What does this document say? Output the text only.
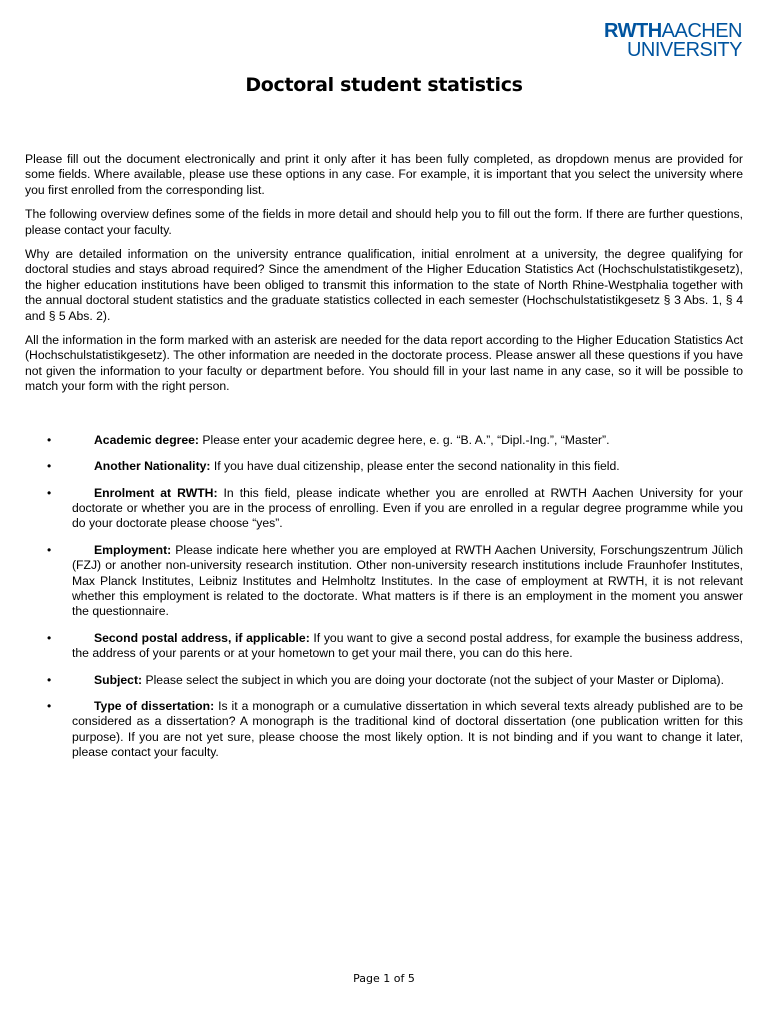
RWTHAACHEN
UNIVERSITY
Doctoral student statistics

Please fill out the document electronically and print it only after it has been fully completed, as dropdown menus are provided for some fields. Where available, please use these options in any case. For example, it is important that you select the university where you first enrolled from the corresponding list.

The following overview defines some of the fields in more detail and should help you to fill out the form. If there are further questions, please contact your faculty.

Why are detailed information on the university entrance qualification, initial enrolment at a university, the degree qualifying for doctoral studies and stays abroad required? Since the amendment of the Higher Education Statistics Act (Hochschulstatistikgesetz), the higher education institutions have been obliged to transmit this information to the state of North Rhine-Westphalia together with the annual doctoral student statistics and the graduate statistics collected in each semester (Hochschulstatistikgesetz § 3 Abs. 1, § 4 and § 5 Abs. 2).

All the information in the form marked with an asterisk are needed for the data report according to the Higher Education Statistics Act (Hochschulstatistikgesetz). The other information are needed in the doctorate process. Please answer all these questions if you have not given the information to your faculty or department before. You should fill in your last name in any case, so it will be possible to match your form with the right person.

•	Academic degree: Please enter your academic degree here, e. g. “B. A.”, “Dipl.-Ing.”, “Master”.
•	Another Nationality: If you have dual citizenship, please enter the second nationality in this field.
•	Enrolment at RWTH: In this field, please indicate whether you are enrolled at RWTH Aachen University for your doctorate or whether you are in the process of enrolling. Even if you are enrolled in a regular degree programme while you do your doctorate please choose “yes”.
•	Employment: Please indicate here whether you are employed at RWTH Aachen University, Forschungszentrum Jülich (FZJ) or another non-university research institution. Other non-university research institutions include Fraunhofer Institutes, Max Planck Institutes, Leibniz Institutes and Helmholtz Institutes. In the case of employment at RWTH, it is not relevant whether this employment is related to the doctorate. What matters is if there is an employment in the moment you answer the questionnaire.
•	Second postal address, if applicable: If you want to give a second postal address, for example the business address, the address of your parents or at your hometown to get your mail there, you can do this here.
•	Subject: Please select the subject in which you are doing your doctorate (not the subject of your Master or Diploma).
•	Type of dissertation: Is it a monograph or a cumulative dissertation in which several texts already published are to be considered as a dissertation? A monograph is the traditional kind of doctoral dissertation (one publication written for this purpose). If you are not yet sure, please choose the most likely option. It is not binding and if you want to change it later, please contact your faculty.
Page 1 of 5
